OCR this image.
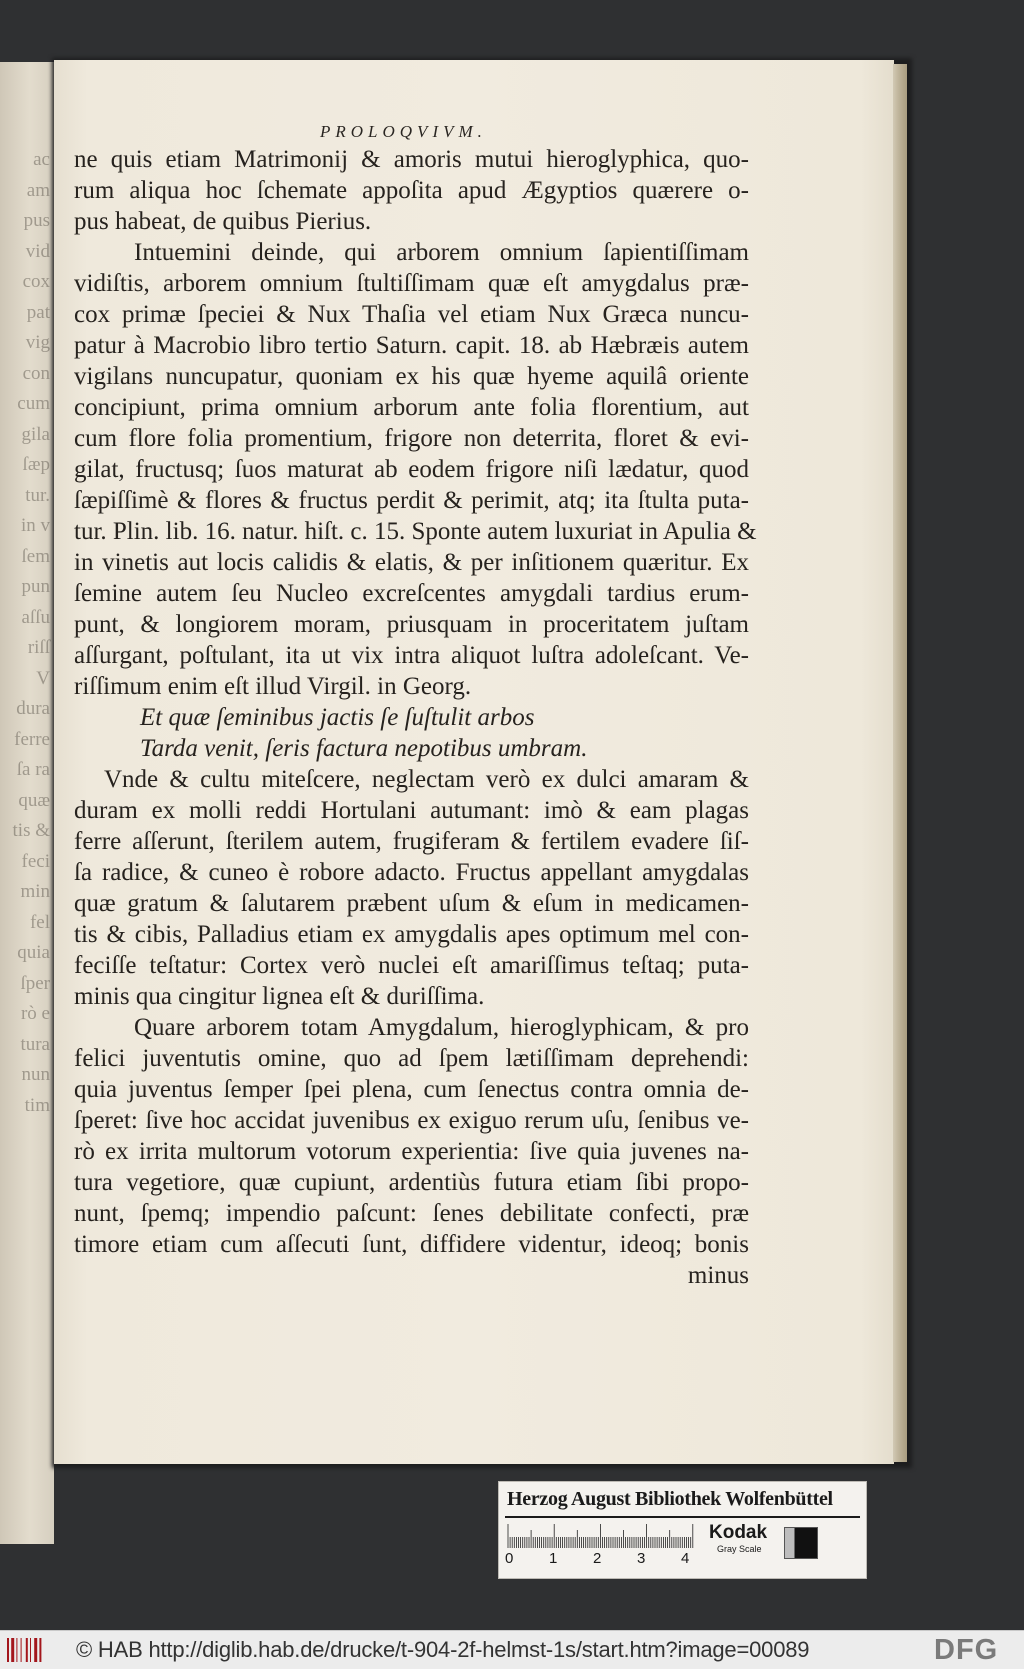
ac
am
pus
vid
cox
pat
vig
con
cum
gila
ſæp
tur.
in v
ſem
pun
aſſu
riſſ
V
dura
ferre
ſa ra
quæ
tis &
feci
min
fel
quia
ſper
rò e
tura
nun
tim
PROLOQVIVM.
ne quis etiam Matrimonij & amoris mutui hieroglyphica, quo-
rum aliqua hoc ſchemate appoſita apud Ægyptios quærere o-
pus habeat, de quibus Pierius.
Intuemini deinde, qui arborem omnium ſapientiſſimam
vidiſtis, arborem omnium ſtultiſſimam quæ eſt amygdalus præ-
cox primæ ſpeciei & Nux Thaſia vel etiam Nux Græca nuncu-
patur à Macrobio libro tertio Saturn. capit. 18. ab Hæbræis autem
vigilans nuncupatur, quoniam ex his quæ hyeme aquilâ oriente
concipiunt, prima omnium arborum ante folia florentium, aut
cum flore folia promentium, frigore non deterrita, floret & evi-
gilat, fructusq; ſuos maturat ab eodem frigore niſi lædatur, quod
ſæpiſſimè & flores & fructus perdit & perimit, atq; ita ſtulta puta-
tur. Plin. lib. 16. natur. hiſt. c. 15. Sponte autem luxuriat in Apulia &
in vinetis aut locis calidis & elatis, & per inſitionem quæritur. Ex
ſemine autem ſeu Nucleo excreſcentes amygdali tardius erum-
punt, & longiorem moram, priusquam in proceritatem juſtam
aſſurgant, poſtulant, ita ut vix intra aliquot luſtra adoleſcant. Ve-
riſſimum enim eſt illud Virgil. in Georg.
Et quæ ſeminibus jactis ſe ſuſtulit arbos
Tarda venit, ſeris factura nepotibus umbram.
Vnde & cultu miteſcere, neglectam verò ex dulci amaram &
duram ex molli reddi Hortulani autumant: imò & eam plagas
ferre aſſerunt, ſterilem autem, frugiferam & fertilem evadere ſiſ-
ſa radice, & cuneo è robore adacto. Fructus appellant amygdalas
quæ gratum & ſalutarem præbent uſum & eſum in medicamen-
tis & cibis, Palladius etiam ex amygdalis apes optimum mel con-
feciſſe teſtatur: Cortex verò nuclei eſt amariſſimus teſtaq; puta-
minis qua cingitur lignea eſt & duriſſima.
Quare arborem totam Amygdalum, hieroglyphicam, & pro
felici juventutis omine, quo ad ſpem lætiſſimam deprehendi:
quia juventus ſemper ſpei plena, cum ſenectus contra omnia de-
ſperet: ſive hoc accidat juvenibus ex exiguo rerum uſu, ſenibus ve-
rò ex irrita multorum votorum experientia: ſive quia juvenes na-
tura vegetiore, quæ cupiunt, ardentiùs futura etiam ſibi propo-
nunt, ſpemq; impendio paſcunt: ſenes debilitate confecti, præ
timore etiam cum aſſecuti ſunt, diffidere videntur, ideoq; bonis
minus
Herzog August Bibliothek Wolfenbüttel
0 1 2 3 4
Kodak
Gray Scale
© HAB http://diglib.hab.de/drucke/t-904-2f-helmst-1s/start.htm?image=00089	DFG
